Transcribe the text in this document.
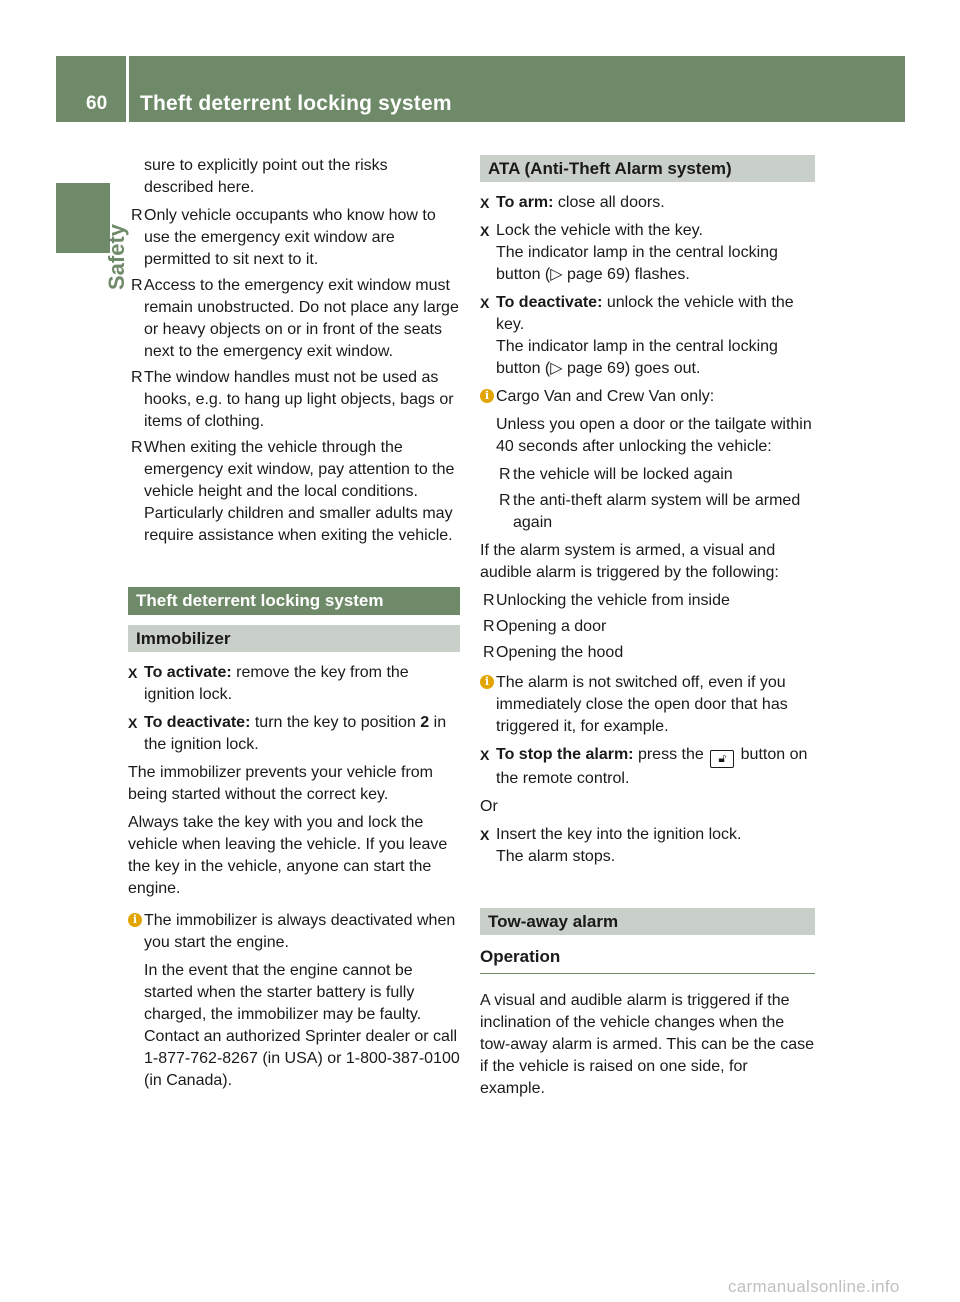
60 Theft deterrent locking system
Safety

sure to explicitly point out the risks
described here.

R Only vehicle occupants who know how to use the emergency exit window are permitted to sit next to it.
R Access to the emergency exit window must remain unobstructed. Do not place any large or heavy objects on or in front of the seats next to the emergency exit window.
R The window handles must not be used as hooks, e.g. to hang up light objects, bags or items of clothing.
R When exiting the vehicle through the emergency exit window, pay attention to the vehicle height and the local conditions. Particularly children and smaller adults may require assistance when exiting the vehicle.
Theft deterrent locking system
Immobilizer
X To activate: remove the key from the ignition lock.
X To deactivate: turn the key to position 2 in the ignition lock.

The immobilizer prevents your vehicle from being started without the correct key.

Always take the key with you and lock the vehicle when leaving the vehicle. If you leave the key in the vehicle, anyone can start the engine.

i The immobilizer is always deactivated when you start the engine.
In the event that the engine cannot be started when the starter battery is fully charged, the immobilizer may be faulty. Contact an authorized Sprinter dealer or call 1-877-762-8267 (in USA) or 1-800-387-0100 (in Canada).
ATA (Anti-Theft Alarm system)
X To arm: close all doors.
X Lock the vehicle with the key.
The indicator lamp in the central locking button (▷ page 69) flashes.
X To deactivate: unlock the vehicle with the key.
The indicator lamp in the central locking button (▷ page 69) goes out.
i Cargo Van and Crew Van only:
Unless you open a door or the tailgate within 40 seconds after unlocking the vehicle:
R the vehicle will be locked again
R the anti-theft alarm system will be armed again

If the alarm system is armed, a visual and audible alarm is triggered by the following:

R Unlocking the vehicle from inside
R Opening a door
R Opening the hood
i The alarm is not switched off, even if you immediately close the open door that has triggered it, for example.
X To stop the alarm: press the 🔓︎ button on the remote control.

Or

X Insert the key into the ignition lock.
The alarm stops.
Tow-away alarm
Operation

A visual and audible alarm is triggered if the inclination of the vehicle changes when the tow-away alarm is armed. This can be the case if the vehicle is raised on one side, for example.

carmanualsonline.info
